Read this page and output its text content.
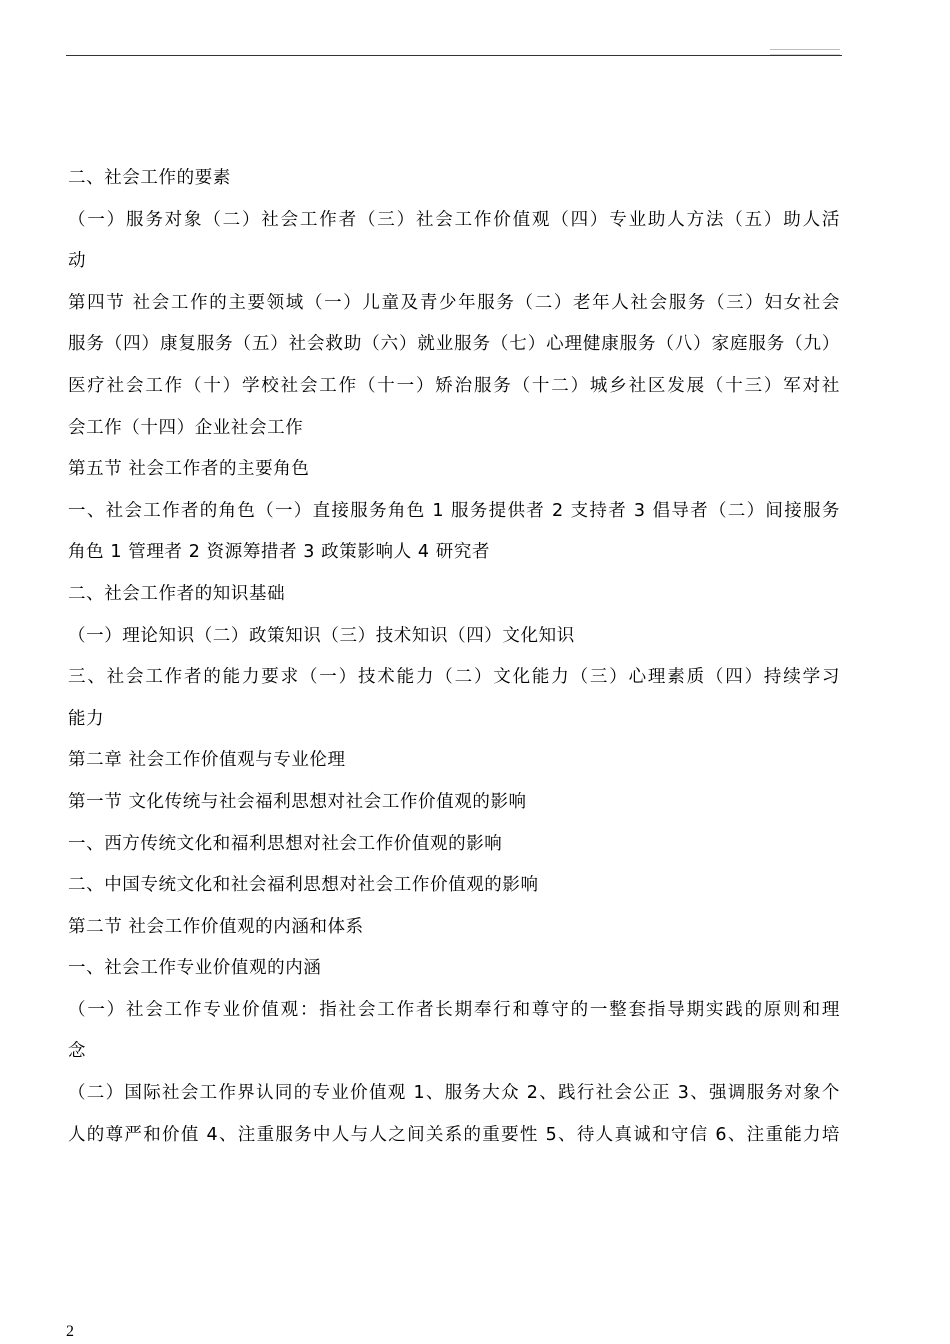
二、社会工作的要素
（一）服务对象（二）社会工作者（三）社会工作价值观（四）专业助人方法（五）助人活
动
第四节 社会工作的主要领域（一）儿童及青少年服务（二）老年人社会服务（三）妇女社会
服务（四）康复服务（五）社会救助（六）就业服务（七）心理健康服务（八）家庭服务（九）
医疗社会工作（十）学校社会工作（十一）矫治服务（十二）城乡社区发展（十三）军对社
会工作（十四）企业社会工作
第五节 社会工作者的主要角色
一、社会工作者的角色（一）直接服务角色 1 服务提供者 2 支持者 3 倡导者（二）间接服务
角色 1 管理者 2 资源筹措者 3 政策影响人 4 研究者
二、社会工作者的知识基础
（一）理论知识（二）政策知识（三）技术知识（四）文化知识
三、社会工作者的能力要求（一）技术能力（二）文化能力（三）心理素质（四）持续学习
能力
第二章 社会工作价值观与专业伦理
第一节 文化传统与社会福利思想对社会工作价值观的影响
一、西方传统文化和福利思想对社会工作价值观的影响
二、中国专统文化和社会福利思想对社会工作价值观的影响
第二节 社会工作价值观的内涵和体系
一、社会工作专业价值观的内涵
（一）社会工作专业价值观：指社会工作者长期奉行和尊守的一整套指导期实践的原则和理
念
（二）国际社会工作界认同的专业价值观 1、服务大众 2、践行社会公正 3、强调服务对象个
人的尊严和价值 4、注重服务中人与人之间关系的重要性 5、待人真诚和守信 6、注重能力培
2
